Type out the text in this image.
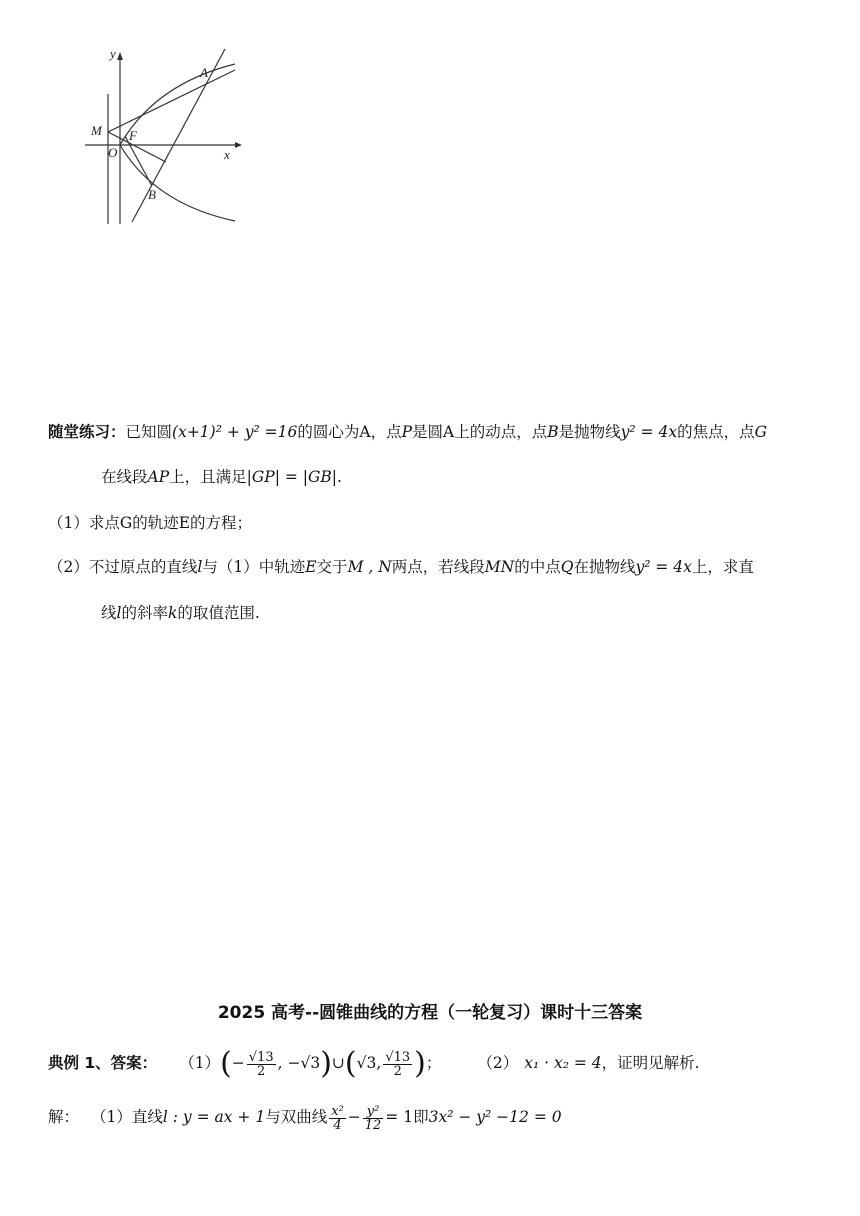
y
A
M F
O	x
B
随堂练习：已知圆(x+1)² + y² =16的圆心为A，点P是圆A上的动点，点B是抛物线y² = 4x的焦点，点G
在线段AP上，且满足|GP| = |GB|.
（1）求点G的轨迹E的方程；
（2）不过原点的直线l与（1）中轨迹E交于M , N两点，若线段MN的中点Q在抛物线y² = 4x上，求直
线l的斜率k的取值范围.
2025 高考--圆锥曲线的方程（一轮复习）课时十三答案
典例 1、答案： （1） ( − $\frac{√13}{2}$ , −√3 ) ∪ ( √3, $\frac{√13}{2}$ ) ； （2） x₁ · x₂ = 4 ，证明见解析.
解： （1）直线 l : y = ax + 1 与双曲线 $\frac{\text{x²}}{4} - \frac{\text{y²}}{12} = 1$ 即 3x² − y² −12 = 0
